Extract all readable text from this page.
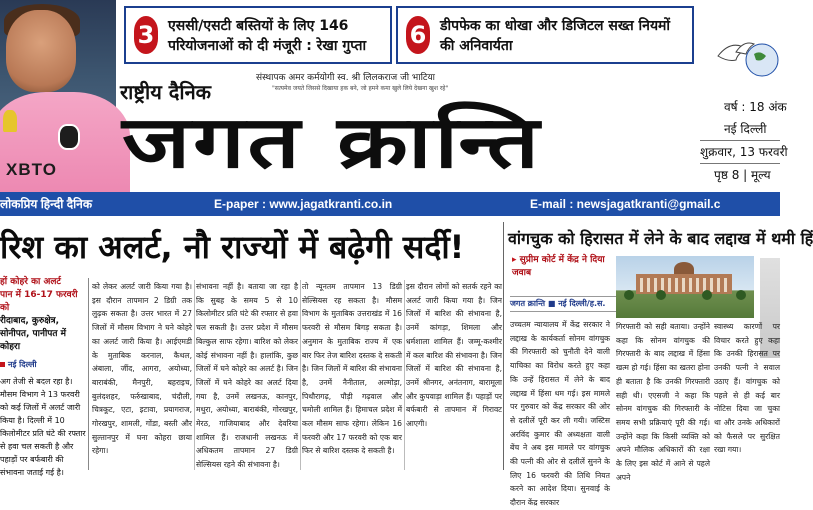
XBTO
3 एससी/एसटी बस्तियों के लिए 146 परियोजनाओं को दी मंजूरी : रेखा गुप्ता	6 डीपफेक का धोखा और डिजिटल सख्त नियमों की अनिवार्यता
राष्ट्रीय दैनिक
संस्थापक अमर कर्मयोगी स्व. श्री लिलकराज जी भाटिया
"सत्यमेव जयते जिससे दिखाया हक बने, जो हमने कमा खुले लिये देखना खुश रहे"
जगत क्रान्ति	वर्ष : 18 अंक
नई दिल्ली
शुक्रवार, 13 फरवरी
पृष्ठ 8 | मूल्य
लोकप्रिय हिन्दी दैनिक	E-paper : www.jagatkranti.co.in	E-mail : newsjagatkranti@gmail.c
रिश का अलर्ट, नौ राज्यों में बढ़ेगी सर्दी!	वांगचुक को हिरासत में लेने के बाद लद्दाख में थमी हिं

हों कोहरे का अलर्ट

पान में 16-17 फरवरी को

रीदाबाद, कुरुक्षेत्र, सोनीपत, पानीपत में कोहरा

नई दिल्ली

अग तेजी से बदल रहा है। मौसम विभाग ने 13 फरवरी को कई जिलों में अलर्ट जारी किया है। दिल्ली में 10 किलोमीटर प्रति घंटे की रफ्तार से हवा चल सकती है और पहाड़ों पर बर्फबारी की संभावना जताई गई है।

को लेकर अलर्ट जारी किया गया है। इस दौरान तापमान 2 डिग्री तक लुढ़क सकता है। उत्तर भारत में 27 जिलों में मौसम विभाग ने घने कोहरे का अलर्ट जारी किया है। आईएमडी के मुताबिक करनाल, कैथल, अंबाला, जींद, आगरा, अयोध्या, बाराबंकी, मैनपुरी, बहराइच, बुलंदशहर, फर्रुखाबाद, चंदौली, चित्रकूट, एटा, इटावा, प्रयागराज, गोरखपुर, शामली, गोंडा, बस्ती और सुल्तानपुर में घना कोहरा छाया रहेगा।
संभावना नहीं है। बताया जा रहा है कि सुबह के समय 5 से 10 किलोमीटर प्रति घंटे की रफ्तार से हवा चल सकती है। उत्तर प्रदेश में मौसम बिल्कुल साफ रहेगा। बारिश को लेकर कोई संभावना नहीं है। हालांकि, कुछ जिलों में घने कोहरे का अलर्ट है। जिन जिलों में घने कोहरे का अलर्ट दिया गया है, उनमें लखनऊ, कानपुर, मथुरा, अयोध्या, बाराबंकी, गोरखपुर, मेरठ, गाजियाबाद और देवरिया शामिल हैं। राजधानी लखनऊ में अधिकतम तापमान 27 डिग्री सेल्सियस रहने की संभावना है।
तो न्यूनतम तापमान 13 डिग्री सेल्सियस रह सकता है। मौसम विभाग के मुताबिक उत्तराखंड में 16 फरवरी से मौसम बिगड़ सकता है। अनुमान के मुताबिक राज्य में एक बार फिर तेज बारिश दस्तक दे सकती है। जिन जिलों में बारिश की संभावना है, उनमें नैनीताल, अल्मोड़ा, पिथौरागढ़, पौड़ी गढ़वाल और चमोली शामिल हैं। हिमाचल प्रदेश में कल मौसम साफ रहेगा। लेकिन 16 फरवरी और 17 फरवरी को एक बार फिर से बारिश दस्तक दे सकती है।
इस दौरान लोगों को सतर्क रहने का अलर्ट जारी किया गया है। जिन जिलों में बारिश की संभावना है, उनमें कांगड़ा, शिमला और धर्मशाला शामिल हैं। जम्मू-कश्मीर में कल बारिश की संभावना है। जिन जिलों में बारिश की संभावना है, उनमें श्रीनगर, अनंतनाग, बारामूला और कुपवाड़ा शामिल हैं। पहाड़ों पर बर्फबारी से तापमान में गिरावट आएगी।
▸ सुप्रीम कोर्ट में केंद्र ने दिया जवाब
जगत क्रान्ति ■ नई दिल्ली/ह.स.
उच्चतम न्यायालय में केंद्र सरकार ने लद्दाख के कार्यकर्ता सोनम वांगचुक की गिरफ्तारी को चुनौती देने वाली याचिका का विरोध करते हुए कहा कि उन्हें हिरासत में लेने के बाद लद्दाख में हिंसा थम गई। इस मामले पर गुरुवार को केंद्र सरकार की ओर से दलीलें पूरी कर ली गयी। जस्टिस अरविंद कुमार की अध्यक्षता वाली बेंच ने अब इस मामले पर वांगचुक की पत्नी की ओर से दलीलें सुनने के लिए 16 फरवरी की तिथि नियत करने का आदेश दिया। सुनवाई के दौरान केंद्र सरकार
गिरफ्तारी को सही बताया। उन्होंने कहा कि सोनम वांगचुक की गिरफ्तारी के बाद लद्दाख में हिंसा खत्म हो गई। हिंसा का खतरा होना ही बताता है कि उनकी गिरफ्तारी सही थी। एएसजी ने कहा कि सोनम वांगचुक की गिरफ्तारी के समय सभी प्रक्रियाएं पूरी की गई। उन्होंने कहा कि किसी व्यक्ति को अपने मौलिक अधिकारों की रक्षा के लिए इस कोर्ट में आने से पहले अपने
स्वास्थ्य कारणों पर विचार करते हुए कहा कि उनकी हिरासत पर उनकी पत्नी ने सवाल उठाए हैं। वांगचुक को पहले से ही कई बार नोटिस दिया जा चुका था और उनके अधिकारों को फैसले पर सुरक्षित रखा गया।
